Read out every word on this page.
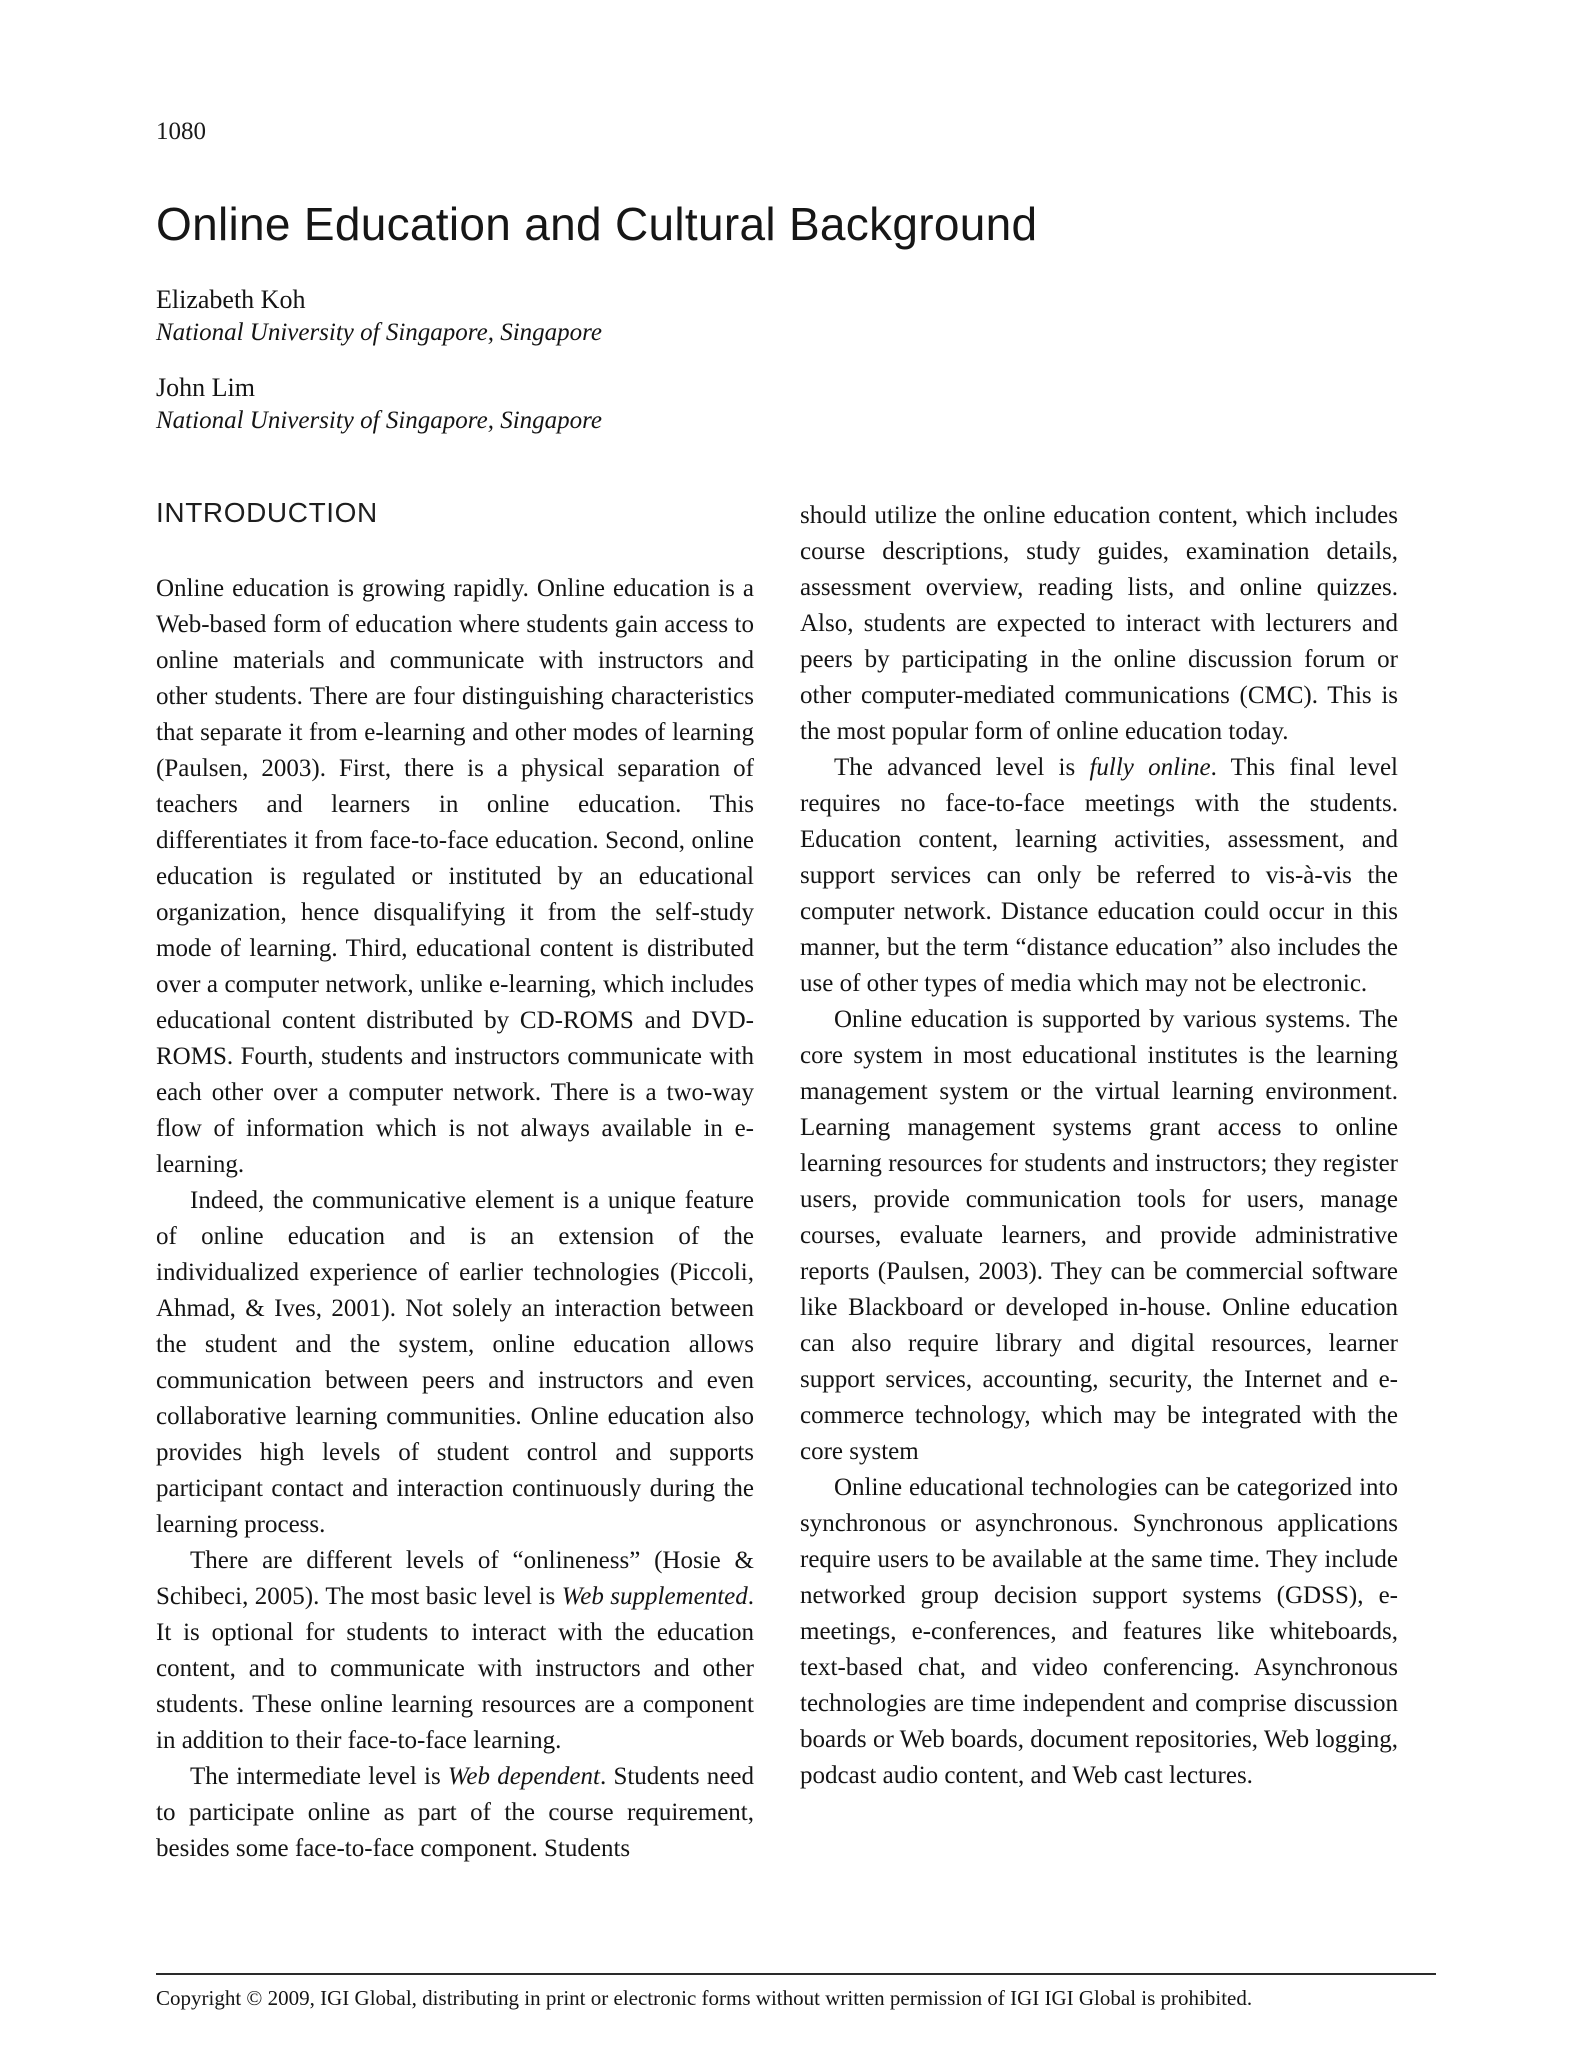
1080
Online Education and Cultural Background
Elizabeth Koh
National University of Singapore, Singapore
John Lim
National University of Singapore, Singapore
INTRODUCTION

Online education is growing rapidly. Online education is a Web-based form of education where students gain access to online materials and communicate with instructors and other students. There are four distinguishing characteristics that separate it from e-learning and other modes of learning (Paulsen, 2003). First, there is a physical separation of teachers and learners in online education. This differentiates it from face-to-face education. Second, online education is regulated or instituted by an educational organization, hence disqualifying it from the self-study mode of learning. Third, educational content is distributed over a computer network, unlike e-learning, which includes educational content distributed by CD-ROMS and DVD-ROMS. Fourth, students and instructors communicate with each other over a computer network. There is a two-way flow of information which is not always available in e-learning.

Indeed, the communicative element is a unique feature of online education and is an extension of the individualized experience of earlier technologies (Piccoli, Ahmad, & Ives, 2001). Not solely an interaction between the student and the system, online education allows communication between peers and instructors and even collaborative learning communities. Online education also provides high levels of student control and supports participant contact and interaction continuously during the learning process.

There are different levels of “onlineness” (Hosie & Schibeci, 2005). The most basic level is Web supplemented. It is optional for students to interact with the education content, and to communicate with instructors and other students. These online learning resources are a component in addition to their face-to-face learning.

The intermediate level is Web dependent. Students need to participate online as part of the course requirement, besides some face-to-face component. Students

should utilize the online education content, which includes course descriptions, study guides, examination details, assessment overview, reading lists, and online quizzes. Also, students are expected to interact with lecturers and peers by participating in the online discussion forum or other computer-mediated communications (CMC). This is the most popular form of online education today.

The advanced level is fully online. This final level requires no face-to-face meetings with the students. Education content, learning activities, assessment, and support services can only be referred to vis-à-vis the computer network. Distance education could occur in this manner, but the term “distance education” also includes the use of other types of media which may not be electronic.

Online education is supported by various systems. The core system in most educational institutes is the learning management system or the virtual learning environment. Learning management systems grant access to online learning resources for students and instructors; they register users, provide communication tools for users, manage courses, evaluate learners, and provide administrative reports (Paulsen, 2003). They can be commercial software like Blackboard or developed in-house. Online education can also require library and digital resources, learner support services, accounting, security, the Internet and e-commerce technology, which may be integrated with the core system

Online educational technologies can be categorized into synchronous or asynchronous. Synchronous applications require users to be available at the same time. They include networked group decision support systems (GDSS), e-meetings, e-conferences, and features like whiteboards, text-based chat, and video conferencing. Asynchronous technologies are time independent and comprise discussion boards or Web boards, document repositories, Web logging, podcast audio content, and Web cast lectures.

Copyright © 2009, IGI Global, distributing in print or electronic forms without written permission of IGI IGI Global is prohibited.
